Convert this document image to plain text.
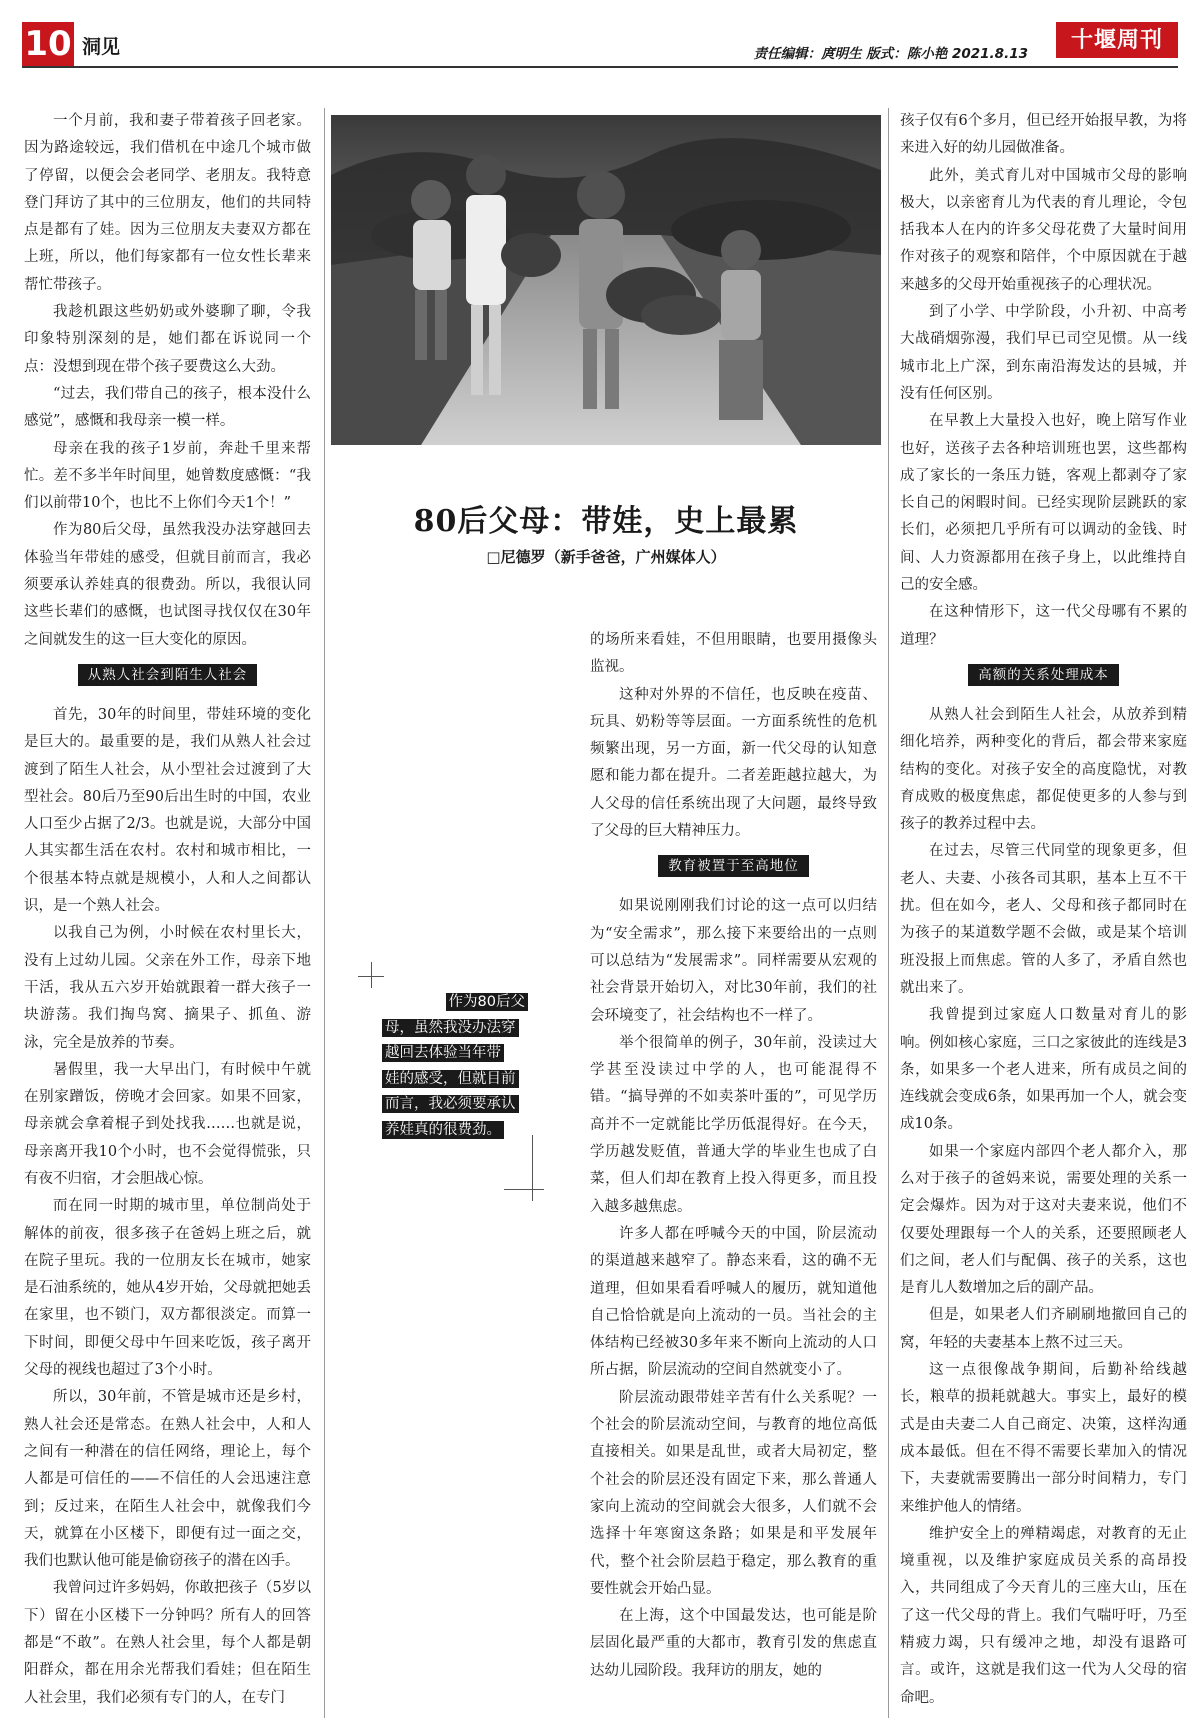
10 洞见	责任编辑：庹明生 版式：陈小艳 2021.8.13
十堰周刊

一个月前，我和妻子带着孩子回老家。因为路途较远，我们借机在中途几个城市做了停留，以便会会老同学、老朋友。我特意登门拜访了其中的三位朋友，他们的共同特点是都有了娃。因为三位朋友夫妻双方都在上班，所以，他们每家都有一位女性长辈来帮忙带孩子。

我趁机跟这些奶奶或外婆聊了聊，令我印象特别深刻的是，她们都在诉说同一个点：没想到现在带个孩子要费这么大劲。

“过去，我们带自己的孩子，根本没什么感觉”，感慨和我母亲一模一样。

母亲在我的孩子1岁前，奔赴千里来帮忙。差不多半年时间里，她曾数度感慨：“我们以前带10个，也比不上你们今天1个！”

作为80后父母，虽然我没办法穿越回去体验当年带娃的感受，但就目前而言，我必须要承认养娃真的很费劲。所以，我很认同这些长辈们的感慨，也试图寻找仅仅在30年之间就发生的这一巨大变化的原因。

从熟人社会到陌生人社会

首先，30年的时间里，带娃环境的变化是巨大的。最重要的是，我们从熟人社会过渡到了陌生人社会，从小型社会过渡到了大型社会。80后乃至90后出生时的中国，农业人口至少占据了2/3。也就是说，大部分中国人其实都生活在农村。农村和城市相比，一个很基本特点就是规模小，人和人之间都认识，是一个熟人社会。

以我自己为例，小时候在农村里长大，没有上过幼儿园。父亲在外工作，母亲下地干活，我从五六岁开始就跟着一群大孩子一块游荡。我们掏鸟窝、摘果子、抓鱼、游泳，完全是放养的节奏。

暑假里，我一大早出门，有时候中午就在别家蹭饭，傍晚才会回家。如果不回家，母亲就会拿着棍子到处找我……也就是说，母亲离开我10个小时，也不会觉得慌张，只有夜不归宿，才会胆战心惊。

而在同一时期的城市里，单位制尚处于解体的前夜，很多孩子在爸妈上班之后，就在院子里玩。我的一位朋友长在城市，她家是石油系统的，她从4岁开始，父母就把她丢在家里，也不锁门，双方都很淡定。而算一下时间，即便父母中午回来吃饭，孩子离开父母的视线也超过了3个小时。

所以，30年前，不管是城市还是乡村，熟人社会还是常态。在熟人社会中，人和人之间有一种潜在的信任网络，理论上，每个人都是可信任的——不信任的人会迅速注意到；反过来，在陌生人社会中，就像我们今天，就算在小区楼下，即便有过一面之交，我们也默认他可能是偷窃孩子的潜在凶手。

我曾问过许多妈妈，你敢把孩子（5岁以下）留在小区楼下一分钟吗？所有人的回答都是“不敢”。在熟人社会里，每个人都是朝阳群众，都在用余光帮我们看娃；但在陌生人社会里，我们必须有专门的人，在专门

80后父母：带娃，史上最累
□尼德罗（新手爸爸，广州媒体人）

的场所来看娃，不但用眼睛，也要用摄像头监视。

这种对外界的不信任，也反映在疫苗、玩具、奶粉等等层面。一方面系统性的危机频繁出现，另一方面，新一代父母的认知意愿和能力都在提升。二者差距越拉越大，为人父母的信任系统出现了大问题，最终导致了父母的巨大精神压力。

教育被置于至高地位

如果说刚刚我们讨论的这一点可以归结为“安全需求”，那么接下来要给出的一点则可以总结为“发展需求”。同样需要从宏观的社会背景开始切入，对比30年前，我们的社会环境变了，社会结构也不一样了。

举个很简单的例子，30年前，没读过大学甚至没读过中学的人，也可能混得不错。“搞导弹的不如卖茶叶蛋的”，可见学历高并不一定就能比学历低混得好。在今天，学历越发贬值，普通大学的毕业生也成了白菜，但人们却在教育上投入得更多，而且投入越多越焦虑。

许多人都在呼喊今天的中国，阶层流动的渠道越来越窄了。静态来看，这的确不无道理，但如果看看呼喊人的履历，就知道他自己恰恰就是向上流动的一员。当社会的主体结构已经被30多年来不断向上流动的人口所占据，阶层流动的空间自然就变小了。

阶层流动跟带娃辛苦有什么关系呢？一个社会的阶层流动空间，与教育的地位高低直接相关。如果是乱世，或者大局初定，整个社会的阶层还没有固定下来，那么普通人家向上流动的空间就会大很多，人们就不会选择十年寒窗这条路；如果是和平发展年代，整个社会阶层趋于稳定，那么教育的重要性就会开始凸显。

在上海，这个中国最发达，也可能是阶层固化最严重的大都市，教育引发的焦虑直达幼儿园阶段。我拜访的朋友，她的

作为80后父
母，虽然我没办法穿
越回去体验当年带
娃的感受，但就目前
而言，我必须要承认
养娃真的很费劲。

孩子仅有6个多月，但已经开始报早教，为将来进入好的幼儿园做准备。

此外，美式育儿对中国城市父母的影响极大，以亲密育儿为代表的育儿理论，令包括我本人在内的许多父母花费了大量时间用作对孩子的观察和陪伴，个中原因就在于越来越多的父母开始重视孩子的心理状况。

到了小学、中学阶段，小升初、中高考大战硝烟弥漫，我们早已司空见惯。从一线城市北上广深，到东南沿海发达的县城，并没有任何区别。

在早教上大量投入也好，晚上陪写作业也好，送孩子去各种培训班也罢，这些都构成了家长的一条压力链，客观上都剥夺了家长自己的闲暇时间。已经实现阶层跳跃的家长们，必须把几乎所有可以调动的金钱、时间、人力资源都用在孩子身上，以此维持自己的安全感。

在这种情形下，这一代父母哪有不累的道理？

高额的关系处理成本

从熟人社会到陌生人社会，从放养到精细化培养，两种变化的背后，都会带来家庭结构的变化。对孩子安全的高度隐忧，对教育成败的极度焦虑，都促使更多的人参与到孩子的教养过程中去。

在过去，尽管三代同堂的现象更多，但老人、夫妻、小孩各司其职，基本上互不干扰。但在如今，老人、父母和孩子都同时在为孩子的某道数学题不会做，或是某个培训班没报上而焦虑。管的人多了，矛盾自然也就出来了。

我曾提到过家庭人口数量对育儿的影响。例如核心家庭，三口之家彼此的连线是3条，如果多一个老人进来，所有成员之间的连线就会变成6条，如果再加一个人，就会变成10条。

如果一个家庭内部四个老人都介入，那么对于孩子的爸妈来说，需要处理的关系一定会爆炸。因为对于这对夫妻来说，他们不仅要处理跟每一个人的关系，还要照顾老人们之间，老人们与配偶、孩子的关系，这也是育儿人数增加之后的副产品。

但是，如果老人们齐刷刷地撤回自己的窝，年轻的夫妻基本上熬不过三天。

这一点很像战争期间，后勤补给线越长，粮草的损耗就越大。事实上，最好的模式是由夫妻二人自己商定、决策，这样沟通成本最低。但在不得不需要长辈加入的情况下，夫妻就需要腾出一部分时间精力，专门来维护他人的情绪。

维护安全上的殚精竭虑，对教育的无止境重视，以及维护家庭成员关系的高昂投入，共同组成了今天育儿的三座大山，压在了这一代父母的背上。我们气喘吁吁，乃至精疲力竭，只有缓冲之地，却没有退路可言。或许，这就是我们这一代为人父母的宿命吧。
